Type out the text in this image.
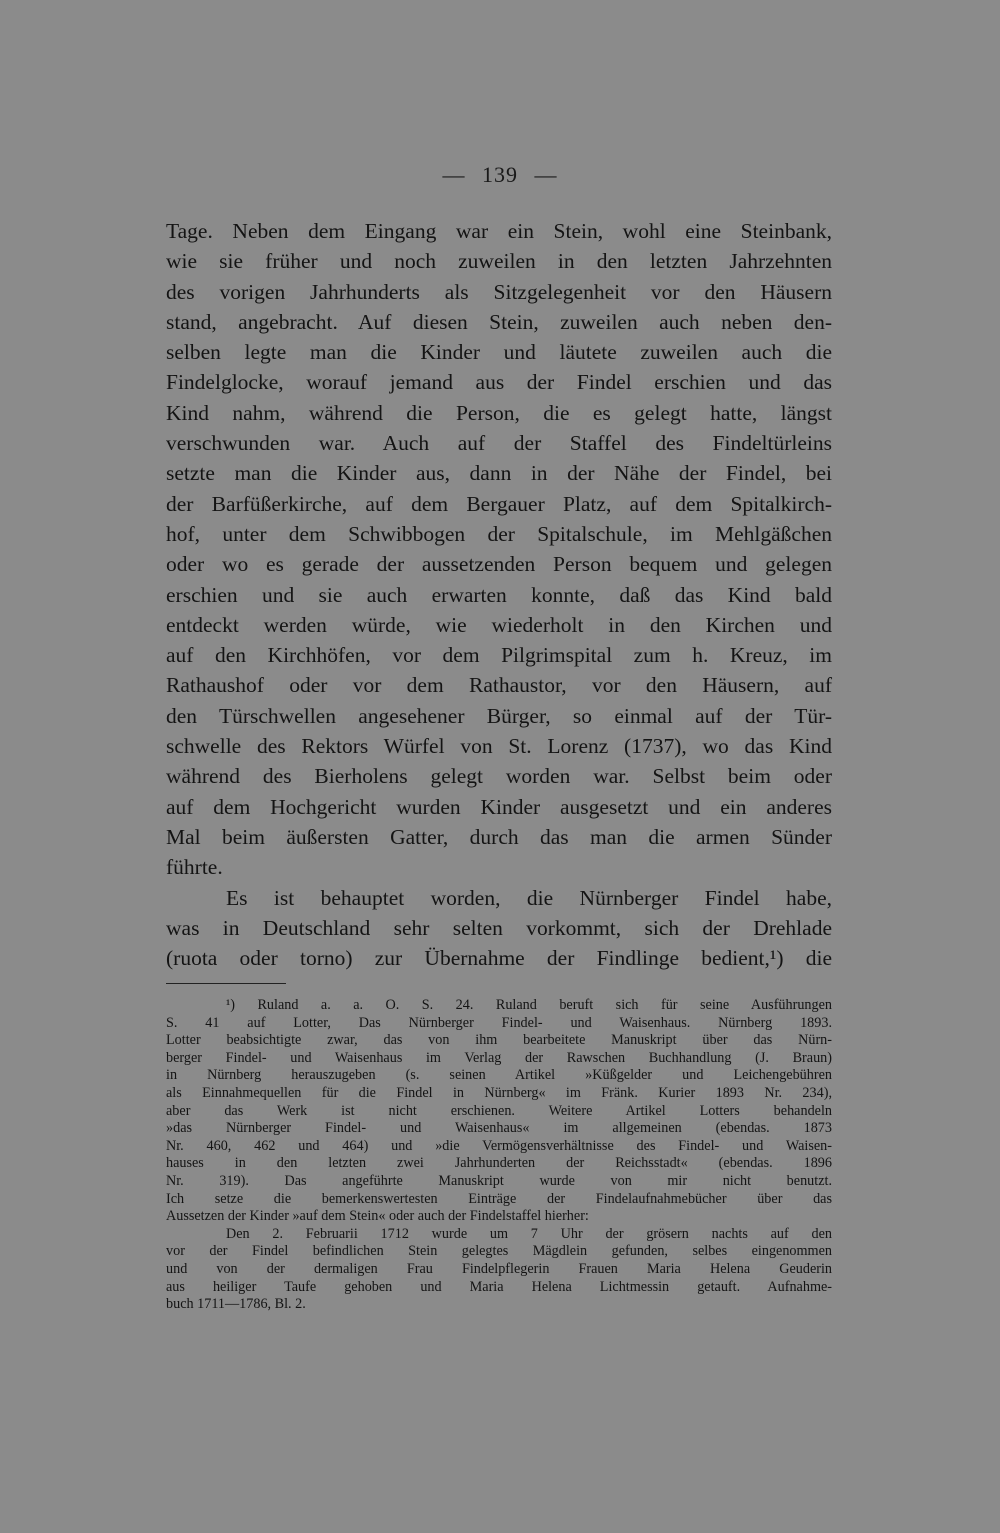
— 139 —
Tage. Neben dem Eingang war ein Stein, wohl eine Steinbank,
wie sie früher und noch zuweilen in den letzten Jahrzehnten
des vorigen Jahrhunderts als Sitzgelegenheit vor den Häusern
stand, angebracht. Auf diesen Stein, zuweilen auch neben den-
selben legte man die Kinder und läutete zuweilen auch die
Findelglocke, worauf jemand aus der Findel erschien und das
Kind nahm, während die Person, die es gelegt hatte, längst
verschwunden war. Auch auf der Staffel des Findeltürleins
setzte man die Kinder aus, dann in der Nähe der Findel, bei
der Barfüßerkirche, auf dem Bergauer Platz, auf dem Spitalkirch-
hof, unter dem Schwibbogen der Spitalschule, im Mehlgäßchen
oder wo es gerade der aussetzenden Person bequem und gelegen
erschien und sie auch erwarten konnte, daß das Kind bald
entdeckt werden würde, wie wiederholt in den Kirchen und
auf den Kirchhöfen, vor dem Pilgrimspital zum h. Kreuz, im
Rathaushof oder vor dem Rathaustor, vor den Häusern, auf
den Türschwellen angesehener Bürger, so einmal auf der Tür-
schwelle des Rektors Würfel von St. Lorenz (1737), wo das Kind
während des Bierholens gelegt worden war. Selbst beim oder
auf dem Hochgericht wurden Kinder ausgesetzt und ein anderes
Mal beim äußersten Gatter, durch das man die armen Sünder
führte.
Es ist behauptet worden, die Nürnberger Findel habe,
was in Deutschland sehr selten vorkommt, sich der Drehlade
(ruota oder torno) zur Übernahme der Findlinge bedient,¹) die
¹) Ruland a. a. O. S. 24. Ruland beruft sich für seine Ausführungen
S. 41 auf Lotter, Das Nürnberger Findel- und Waisenhaus. Nürnberg 1893.
Lotter beabsichtigte zwar, das von ihm bearbeitete Manuskript über das Nürn-
berger Findel- und Waisenhaus im Verlag der Rawschen Buchhandlung (J. Braun)
in Nürnberg herauszugeben (s. seinen Artikel »Küßgelder und Leichengebühren
als Einnahmequellen für die Findel in Nürnberg« im Fränk. Kurier 1893 Nr. 234),
aber das Werk ist nicht erschienen. Weitere Artikel Lotters behandeln
»das Nürnberger Findel- und Waisenhaus« im allgemeinen (ebendas. 1873
Nr. 460, 462 und 464) und »die Vermögensverhältnisse des Findel- und Waisen-
hauses in den letzten zwei Jahrhunderten der Reichsstadt« (ebendas. 1896
Nr. 319). Das angeführte Manuskript wurde von mir nicht benutzt.
Ich setze die bemerkenswertesten Einträge der Findelaufnahmebücher über das
Aussetzen der Kinder »auf dem Stein« oder auch der Findelstaffel hierher:
Den 2. Februarii 1712 wurde um 7 Uhr der grösern nachts auf den
vor der Findel befindlichen Stein gelegtes Mägdlein gefunden, selbes eingenommen
und von der dermaligen Frau Findelpflegerin Frauen Maria Helena Geuderin
aus heiliger Taufe gehoben und Maria Helena Lichtmessin getauft. Aufnahme-
buch 1711—1786, Bl. 2.
